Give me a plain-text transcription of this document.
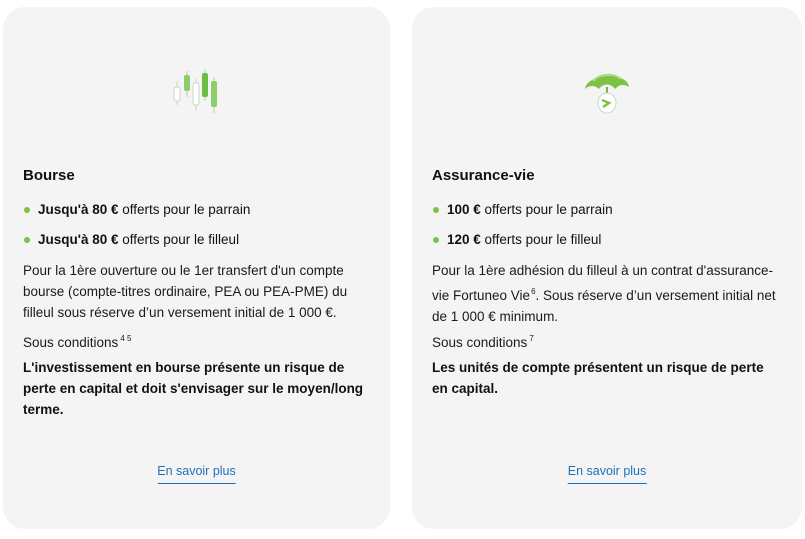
Bourse
Jusqu'à 80 € offerts pour le parrain
Jusqu'à 80 € offerts pour le filleul

Pour la 1ère ouverture ou le 1er transfert d'un compte bourse (compte-titres ordinaire, PEA ou PEA-PME) du filleul sous réserve d’un versement initial de 1 000 €.

Sous conditions $^{4 5}$

L'investissement en bourse présente un risque de perte en capital et doit s'envisager sur le moyen/long terme.

En savoir plus
Assurance-vie
100 € offerts pour le parrain
120 € offerts pour le filleul

Pour la 1ère adhésion du filleul à un contrat d'assurance-vie Fortuneo Vie$^6$. Sous réserve d’un versement initial net de 1 000 € minimum.

Sous conditions $^7$

Les unités de compte présentent un risque de perte en capital.

En savoir plus
